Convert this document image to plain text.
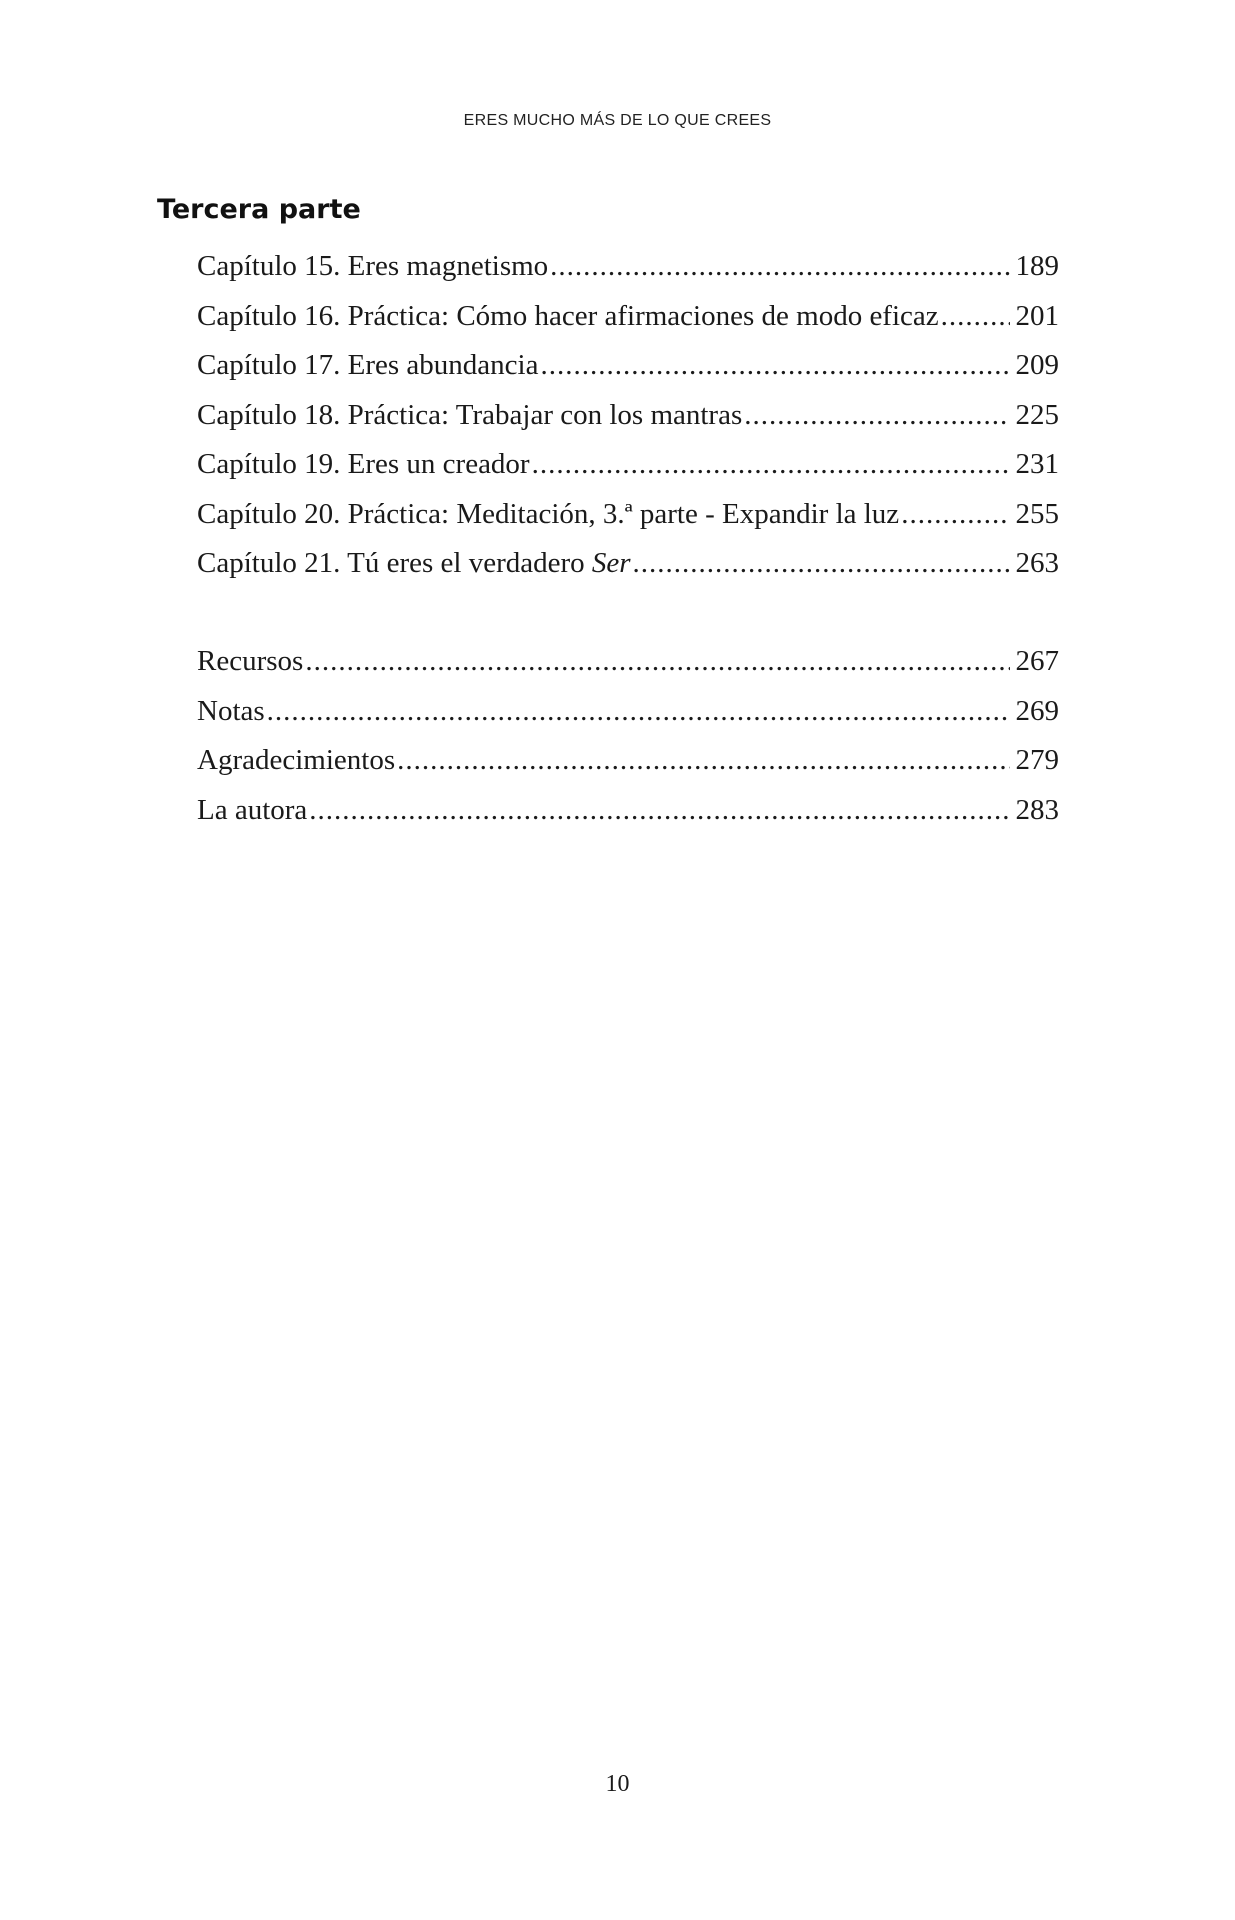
ERES MUCHO MÁS DE LO QUE CREES
Tercera parte
Capítulo 15. Eres magnetismo .....	189
Capítulo 16. Práctica: Cómo hacer afirmaciones de modo eficaz .....	201
Capítulo 17. Eres abundancia .....	209
Capítulo 18. Práctica: Trabajar con los mantras .....	225
Capítulo 19. Eres un creador .....	231
Capítulo 20. Práctica: Meditación, 3.ª parte - Expandir la luz .....	255
Capítulo 21. Tú eres el verdadero Ser .....	263
Recursos .....	267
Notas .....	269
Agradecimientos .....	279
La autora .....	283
10
